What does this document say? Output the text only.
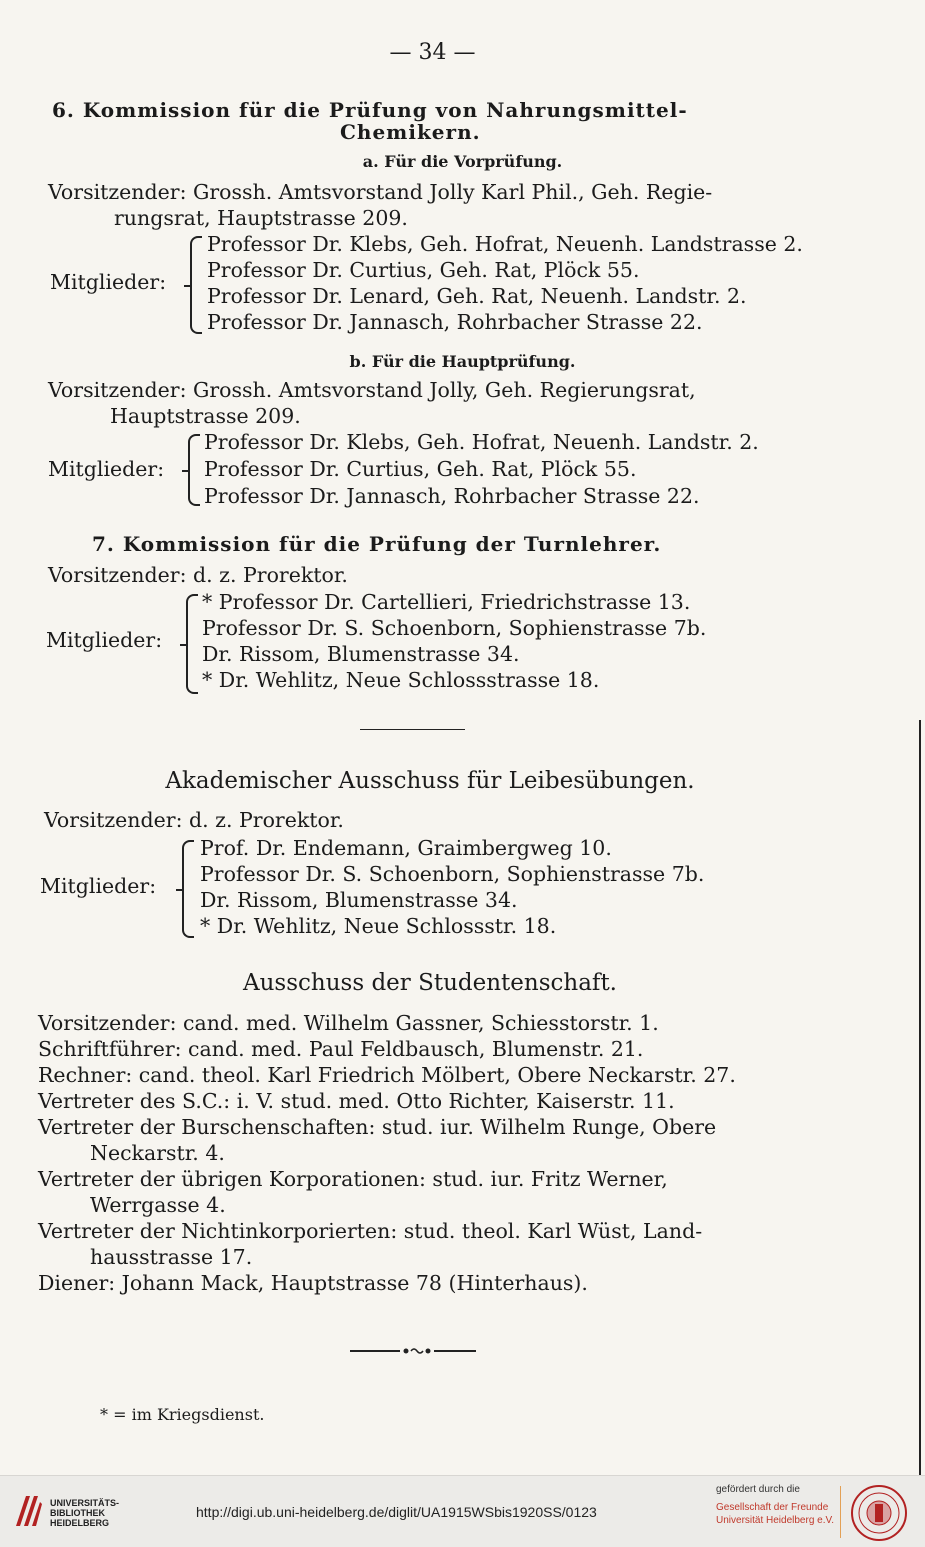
— 34 —
6. Kommission für die Prüfung von Nahrungsmittel-
Chemikern.
a. Für die Vorprüfung.
Vorsitzender: Grossh. Amtsvorstand Jolly Karl Phil., Geh. Regie-
rungsrat, Hauptstrasse 209.
Mitglieder:
Professor Dr. Klebs, Geh. Hofrat, Neuenh. Landstrasse 2.
Professor Dr. Curtius, Geh. Rat, Plöck 55.
Professor Dr. Lenard, Geh. Rat, Neuenh. Landstr. 2.
Professor Dr. Jannasch, Rohrbacher Strasse 22.
b. Für die Hauptprüfung.
Vorsitzender: Grossh. Amtsvorstand Jolly, Geh. Regierungsrat,
Hauptstrasse 209.
Mitglieder:
Professor Dr. Klebs, Geh. Hofrat, Neuenh. Landstr. 2.
Professor Dr. Curtius, Geh. Rat, Plöck 55.
Professor Dr. Jannasch, Rohrbacher Strasse 22.
7. Kommission für die Prüfung der Turnlehrer.
Vorsitzender: d. z. Prorektor.
Mitglieder:
* Professor Dr. Cartellieri, Friedrichstrasse 13.
Professor Dr. S. Schoenborn, Sophienstrasse 7b.
Dr. Rissom, Blumenstrasse 34.
* Dr. Wehlitz, Neue Schlossstrasse 18.
Akademischer Ausschuss für Leibesübungen.
Vorsitzender: d. z. Prorektor.
Mitglieder:
Prof. Dr. Endemann, Graimbergweg 10.
Professor Dr. S. Schoenborn, Sophienstrasse 7b.
Dr. Rissom, Blumenstrasse 34.
* Dr. Wehlitz, Neue Schlossstr. 18.
Ausschuss der Studentenschaft.
Vorsitzender: cand. med. Wilhelm Gassner, Schiesstorstr. 1.
Schriftführer: cand. med. Paul Feldbausch, Blumenstr. 21.
Rechner: cand. theol. Karl Friedrich Mölbert, Obere Neckarstr. 27.
Vertreter des S.C.: i. V. stud. med. Otto Richter, Kaiserstr. 11.
Vertreter der Burschenschaften: stud. iur. Wilhelm Runge, Obere
Neckarstr. 4.
Vertreter der übrigen Korporationen: stud. iur. Fritz Werner,
Werrgasse 4.
Vertreter der Nichtinkorporierten: stud. theol. Karl Wüst, Land-
hausstrasse 17.
Diener: Johann Mack, Hauptstrasse 78 (Hinterhaus).
* = im Kriegsdienst.
UNIVERSITÄTS-
BIBLIOTHEK
HEIDELBERG
http://digi.ub.uni-heidelberg.de/diglit/UA1915WSbis1920SS/0123
gefördert durch die
Gesellschaft der Freunde
Universität Heidelberg e.V.
